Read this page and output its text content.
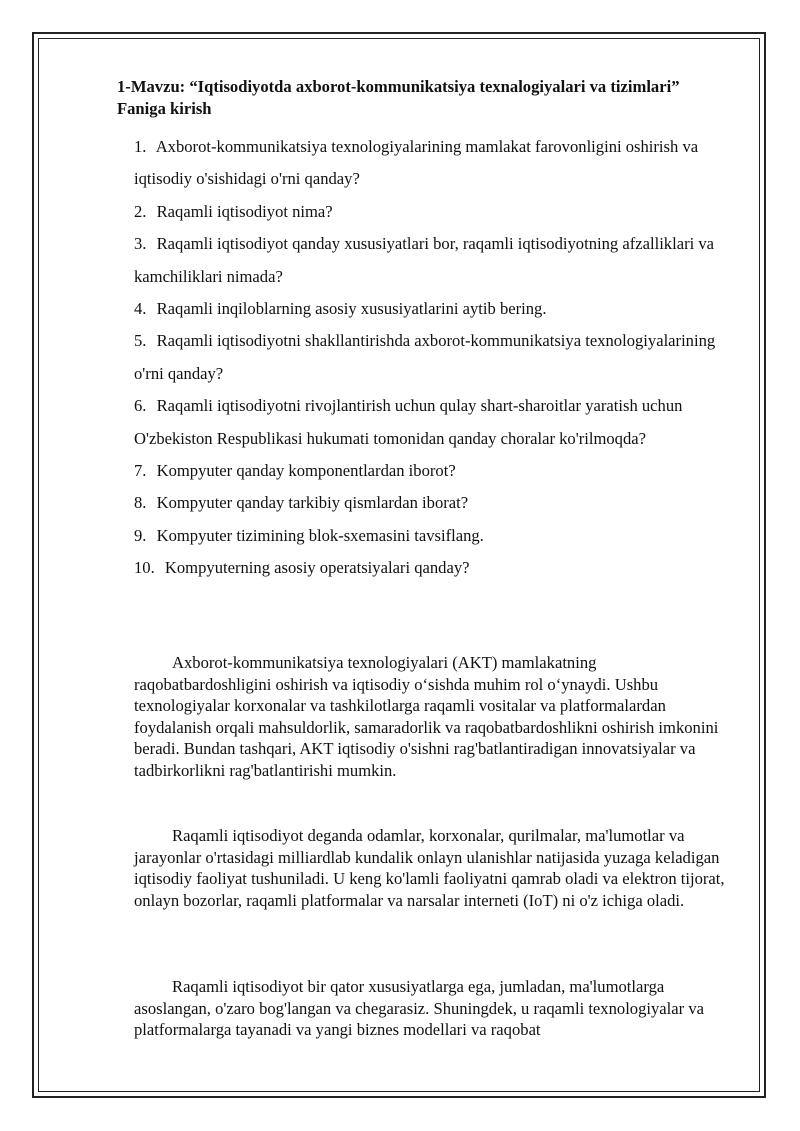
1-Mavzu: “Iqtisodiyotda axborot-kommunikatsiya texnalogiyalari va tizimlari” Faniga kirish
1. Axborot-kommunikatsiya texnologiyalarining mamlakat farovonligini oshirish va iqtisodiy o'sishidagi o'rni qanday?
2. Raqamli iqtisodiyot nima?
3. Raqamli iqtisodiyot qanday xususiyatlari bor, raqamli iqtisodiyotning afzalliklari va kamchiliklari nimada?
4. Raqamli inqiloblarning asosiy xususiyatlarini aytib bering.
5. Raqamli iqtisodiyotni shakllantirishda axborot-kommunikatsiya texnologiyalarining o'rni qanday?
6. Raqamli iqtisodiyotni rivojlantirish uchun qulay shart-sharoitlar yaratish uchun O'zbekiston Respublikasi hukumati tomonidan qanday choralar ko'rilmoqda?
7. Kompyuter qanday komponentlardan iborot?
8. Kompyuter qanday tarkibiy qismlardan iborat?
9. Kompyuter tizimining blok-sxemasini tavsiflang.
10. Kompyuterning asosiy operatsiyalari qanday?

Axborot-kommunikatsiya texnologiyalari (AKT) mamlakatning raqobatbardoshligini oshirish va iqtisodiy o‘sishda muhim rol o‘ynaydi. Ushbu texnologiyalar korxonalar va tashkilotlarga raqamli vositalar va platformalardan foydalanish orqali mahsuldorlik, samaradorlik va raqobatbardoshlikni oshirish imkonini beradi. Bundan tashqari, AKT iqtisodiy o'sishni rag'batlantiradigan innovatsiyalar va tadbirkorlikni rag'batlantirishi mumkin.

Raqamli iqtisodiyot deganda odamlar, korxonalar, qurilmalar, ma'lumotlar va jarayonlar o'rtasidagi milliardlab kundalik onlayn ulanishlar natijasida yuzaga keladigan iqtisodiy faoliyat tushuniladi. U keng ko'lamli faoliyatni qamrab oladi va elektron tijorat, onlayn bozorlar, raqamli platformalar va narsalar interneti (IoT) ni o'z ichiga oladi.

Raqamli iqtisodiyot bir qator xususiyatlarga ega, jumladan, ma'lumotlarga asoslangan, o'zaro bog'langan va chegarasiz. Shuningdek, u raqamli texnologiyalar va platformalarga tayanadi va yangi biznes modellari va raqobat
